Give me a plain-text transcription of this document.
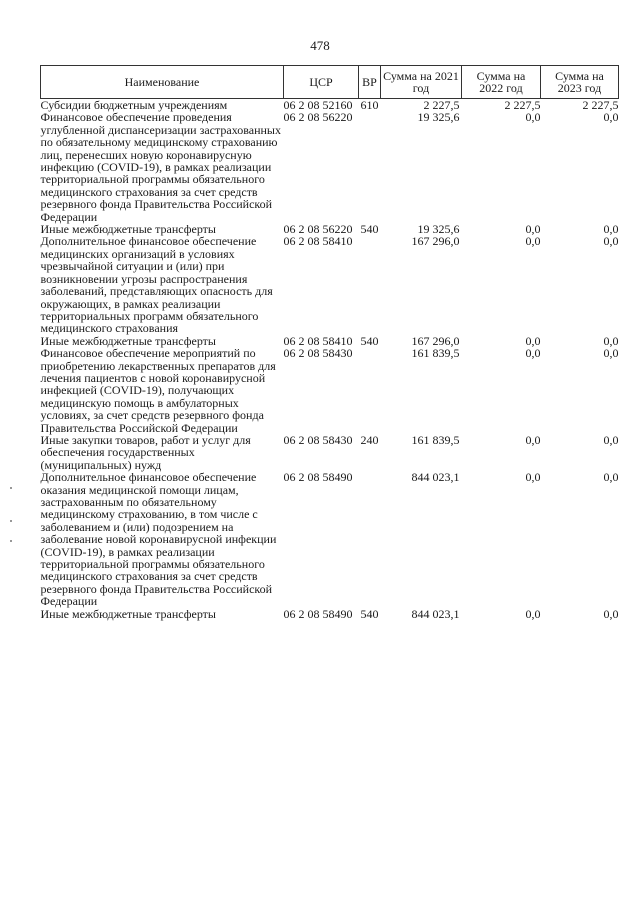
478
Наименование	ЦСР	ВР	Сумма на 2021 год	Сумма на 2022 год	Сумма на 2023 год
Субсидии бюджетным учреждениям	06 2 08 52160	610	2 227,5	2 227,5	2 227,5
Финансовое обеспечение проведения углубленной диспансеризации застрахованных по обязательному медицинскому страхованию лиц, перенесших новую коронавирусную инфекцию (COVID-19), в рамках реализации территориальной программы обязательного медицинского страхования за счет средств резервного фонда Правительства Российской Федерации	06 2 08 56220		19 325,6	0,0	0,0
Иные межбюджетные трансферты	06 2 08 56220	540	19 325,6	0,0	0,0
Дополнительное финансовое обеспечение медицинских организаций в условиях чрезвычайной ситуации и (или) при возникновении угрозы распространения заболеваний, представляющих опасность для окружающих, в рамках реализации территориальных программ обязательного медицинского страхования	06 2 08 58410		167 296,0	0,0	0,0
Иные межбюджетные трансферты	06 2 08 58410	540	167 296,0	0,0	0,0
Финансовое обеспечение мероприятий по приобретению лекарственных препаратов для лечения пациентов с новой коронавирусной инфекцией (COVID-19), получающих медицинскую помощь в амбулаторных условиях, за счет средств резервного фонда Правительства Российской Федерации	06 2 08 58430		161 839,5	0,0	0,0
Иные закупки товаров, работ и услуг для обеспечения государственных (муниципальных) нужд	06 2 08 58430	240	161 839,5	0,0	0,0
Дополнительное финансовое обеспечение оказания медицинской помощи лицам, застрахованным по обязательному медицинскому страхованию, в том числе с заболеванием и (или) подозрением на заболевание новой коронавирусной инфекции (COVID-19), в рамках реализации территориальной программы обязательного медицинского страхования за счет средств резервного фонда Правительства Российской Федерации	06 2 08 58490		844 023,1	0,0	0,0
Иные межбюджетные трансферты	06 2 08 58490	540	844 023,1	0,0	0,0
